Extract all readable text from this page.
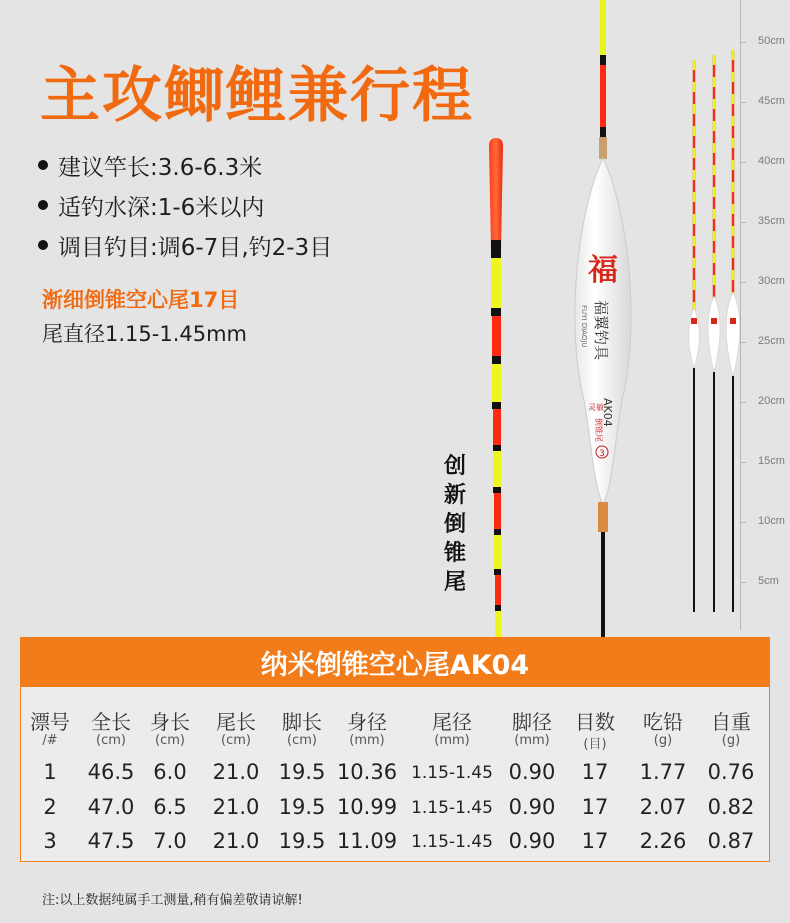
主攻鲫鲤兼行程
建议竿长:3.6-6.3米
适钓水深:1-6米以内
调目钓目:调6-7目,钓2-3目
渐细倒锥空心尾17目
尾直径1.15-1.45mm
福
福翼钓具
FUYI DIAOJU
AK04
灵敏
倒锥尾
3
创
新
倒
锥
尾
50cm
45cm
40cm
35cm
30cm
25cm
20cm
15cm
10cm
5cm
纳米倒锥空心尾AK04
漂号	全长 身长	尾长	脚长	身径	尾径	脚径	目数	吃铅	自重
/#	(cm)	(cm)	(cm)	(cm)	(mm)	(mm)	(mm)	(目)	(g)	(g)
1	46.5 6.0	21.0 19.5 10.36 1.15-1.45 0.90	17	1.77	0.76
2	47.0 6.5	21.0 19.5 10.99 1.15-1.45 0.90	17	2.07	0.82
3	47.5 7.0	21.0 19.5 11.09 1.15-1.45 0.90	17	2.26	0.87
注:以上数据纯属手工测量,稍有偏差敬请谅解!
